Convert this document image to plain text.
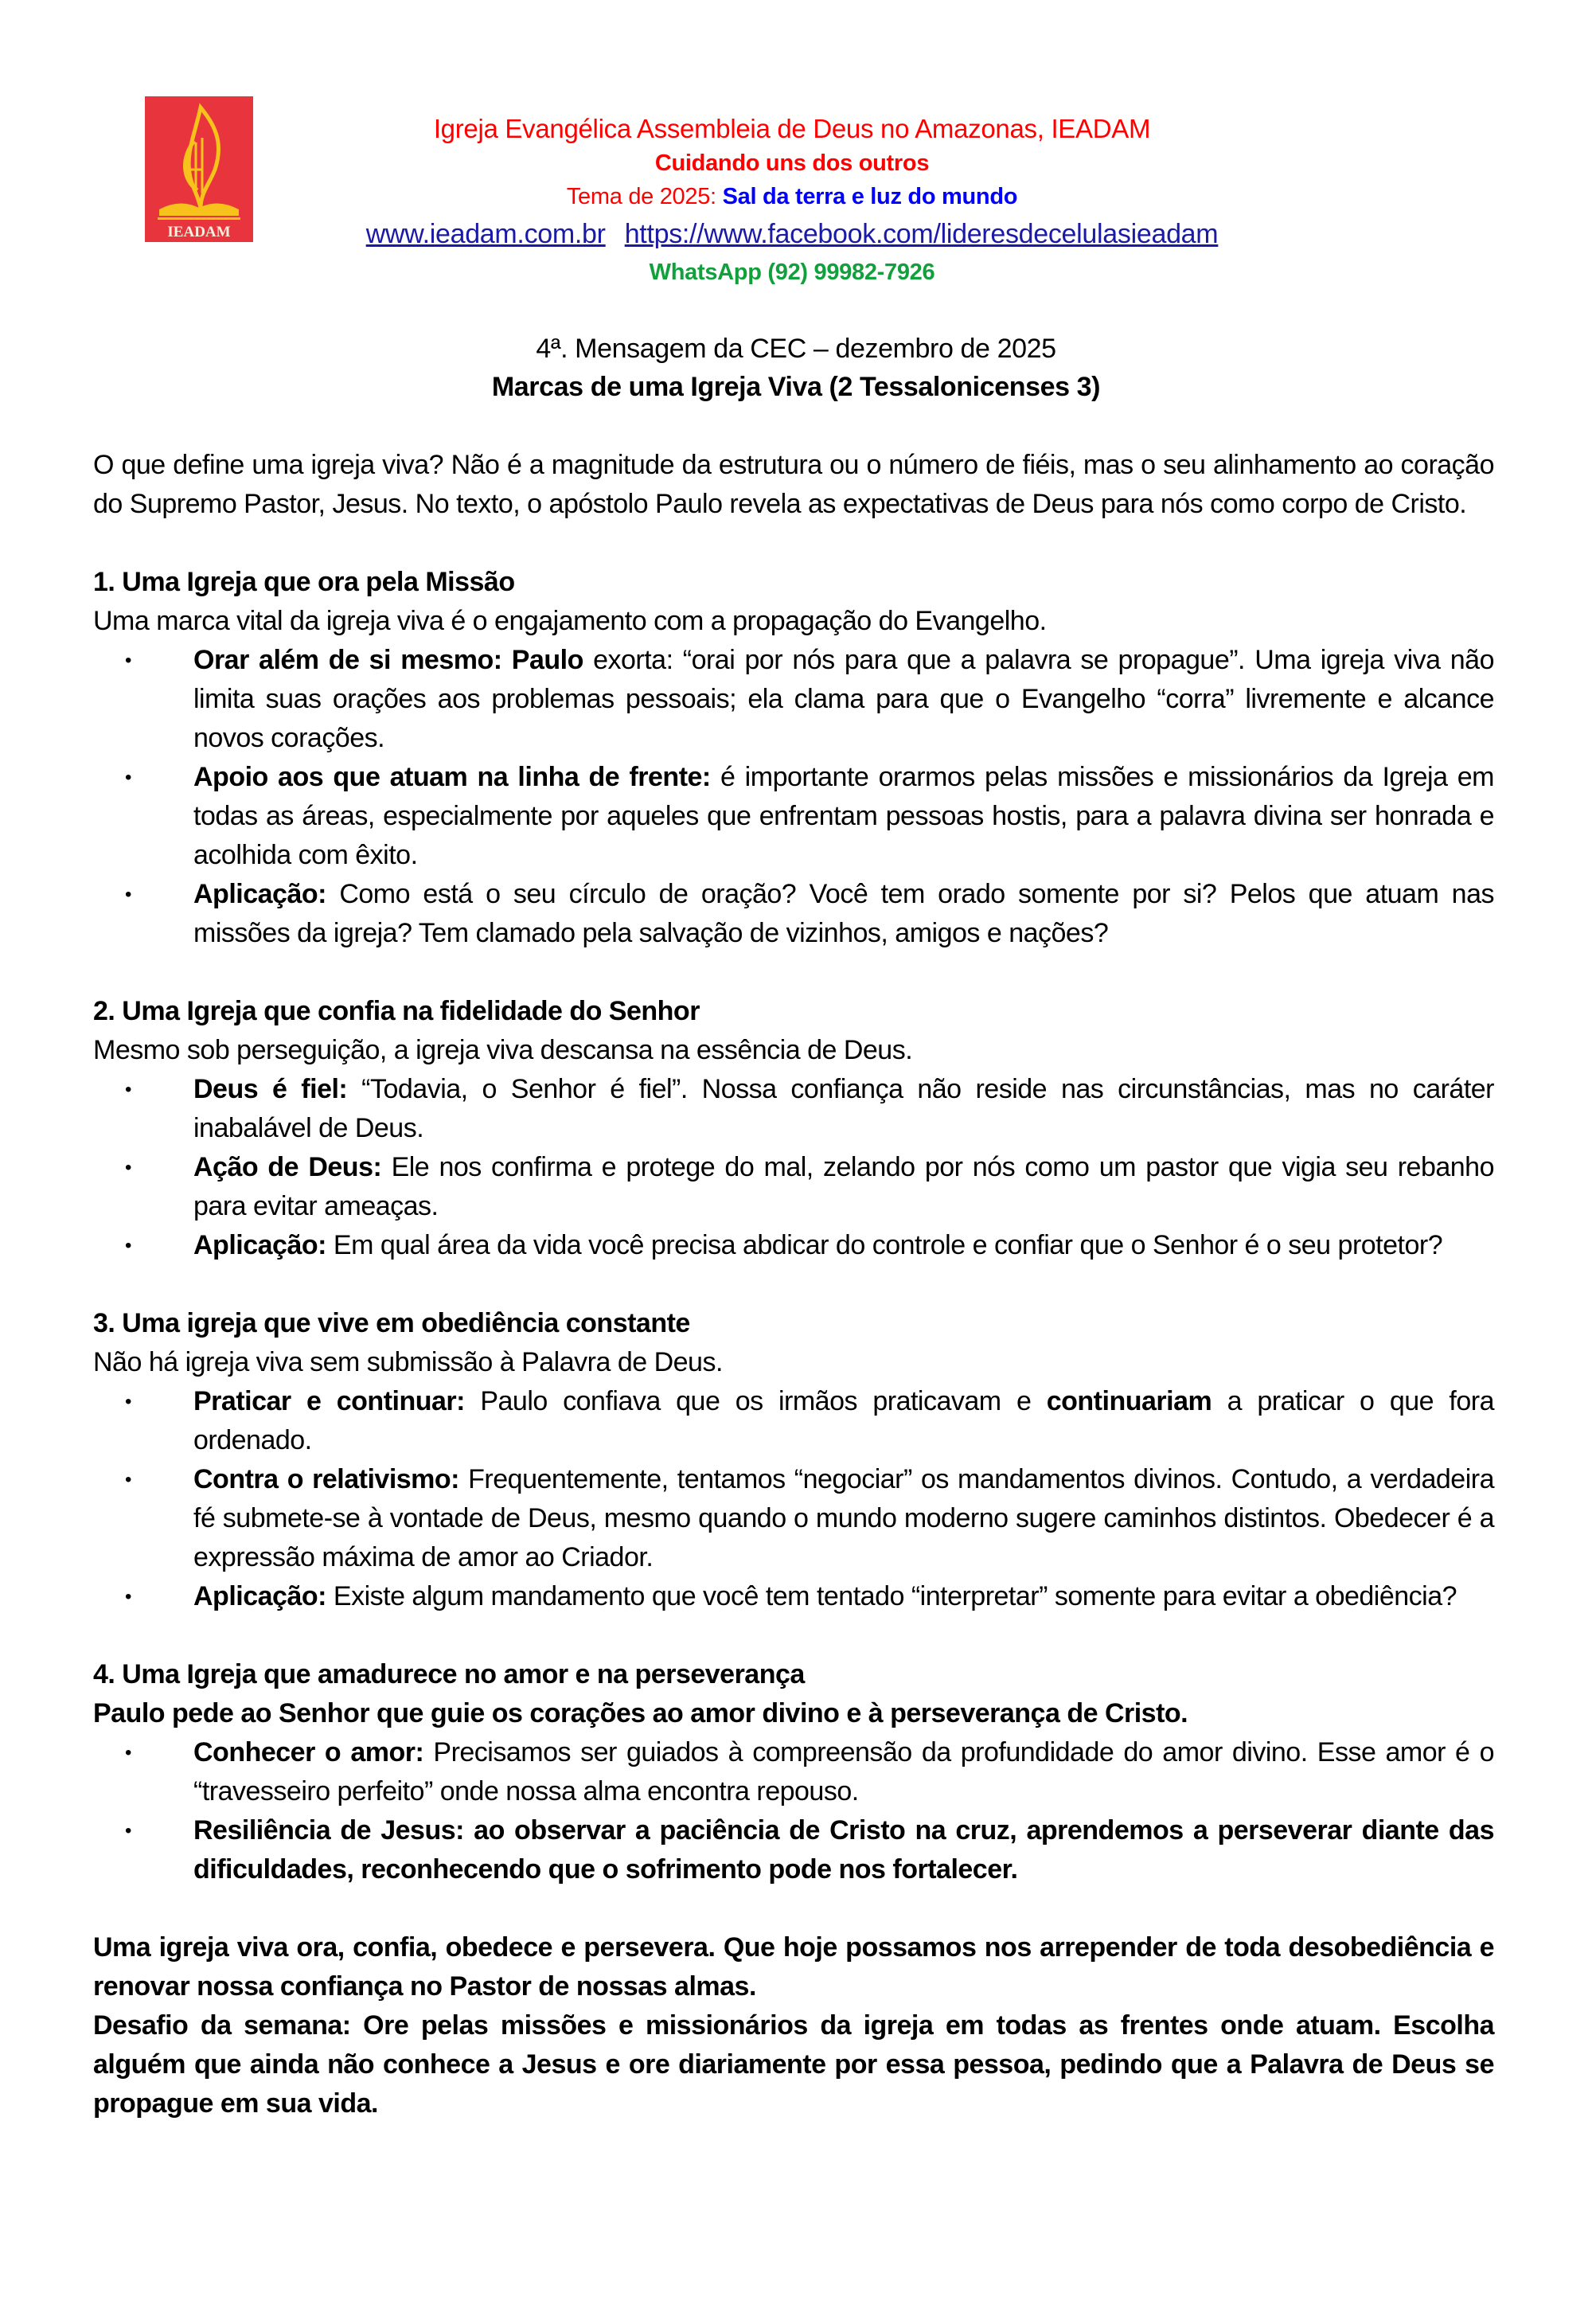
IEADAM
Igreja Evangélica Assembleia de Deus no Amazonas, IEADAM
Cuidando uns dos outros
Tema de 2025: Sal da terra e luz do mundo
www.ieadam.com.br https://www.facebook.com/lideresdecelulasieadam
WhatsApp (92) 99982-7926
4ª. Mensagem da CEC – dezembro de 2025
Marcas de uma Igreja Viva (2 Tessalonicenses 3)

O que define uma igreja viva? Não é a magnitude da estrutura ou o número de fiéis, mas o seu alinhamento ao coração do Supremo Pastor, Jesus. No texto, o apóstolo Paulo revela as expectativas de Deus para nós como corpo de Cristo.

1. Uma Igreja que ora pela Missão
Uma marca vital da igreja viva é o engajamento com a propagação do Evangelho.
• Orar além de si mesmo: Paulo exorta: “orai por nós para que a palavra se propague”. Uma igreja viva não limita suas orações aos problemas pessoais; ela clama para que o Evangelho “corra” livremente e alcance novos corações.
• Apoio aos que atuam na linha de frente: é importante orarmos pelas missões e missionários da Igreja em todas as áreas, especialmente por aqueles que enfrentam pessoas hostis, para a palavra divina ser honrada e acolhida com êxito.
• Aplicação: Como está o seu círculo de oração? Você tem orado somente por si? Pelos que atuam nas missões da igreja? Tem clamado pela salvação de vizinhos, amigos e nações?
2. Uma Igreja que confia na fidelidade do Senhor
Mesmo sob perseguição, a igreja viva descansa na essência de Deus.
• Deus é fiel: “Todavia, o Senhor é fiel”. Nossa confiança não reside nas circunstâncias, mas no caráter inabalável de Deus.
• Ação de Deus: Ele nos confirma e protege do mal, zelando por nós como um pastor que vigia seu rebanho para evitar ameaças.
• Aplicação: Em qual área da vida você precisa abdicar do controle e confiar que o Senhor é o seu protetor?
3. Uma igreja que vive em obediência constante
Não há igreja viva sem submissão à Palavra de Deus.
• Praticar e continuar: Paulo confiava que os irmãos praticavam e continuariam a praticar o que fora ordenado.
• Contra o relativismo: Frequentemente, tentamos “negociar” os mandamentos divinos. Contudo, a verdadeira fé submete-se à vontade de Deus, mesmo quando o mundo moderno sugere caminhos distintos. Obedecer é a expressão máxima de amor ao Criador.
• Aplicação: Existe algum mandamento que você tem tentado “interpretar” somente para evitar a obediência?
4. Uma Igreja que amadurece no amor e na perseverança
Paulo pede ao Senhor que guie os corações ao amor divino e à perseverança de Cristo.
• Conhecer o amor: Precisamos ser guiados à compreensão da profundidade do amor divino. Esse amor é o “travesseiro perfeito” onde nossa alma encontra repouso.
• Resiliência de Jesus: ao observar a paciência de Cristo na cruz, aprendemos a perseverar diante das dificuldades, reconhecendo que o sofrimento pode nos fortalecer.

Uma igreja viva ora, confia, obedece e persevera. Que hoje possamos nos arrepender de toda desobediência e renovar nossa confiança no Pastor de nossas almas.

Desafio da semana: Ore pelas missões e missionários da igreja em todas as frentes onde atuam. Escolha alguém que ainda não conhece a Jesus e ore diariamente por essa pessoa, pedindo que a Palavra de Deus se propague em sua vida.
